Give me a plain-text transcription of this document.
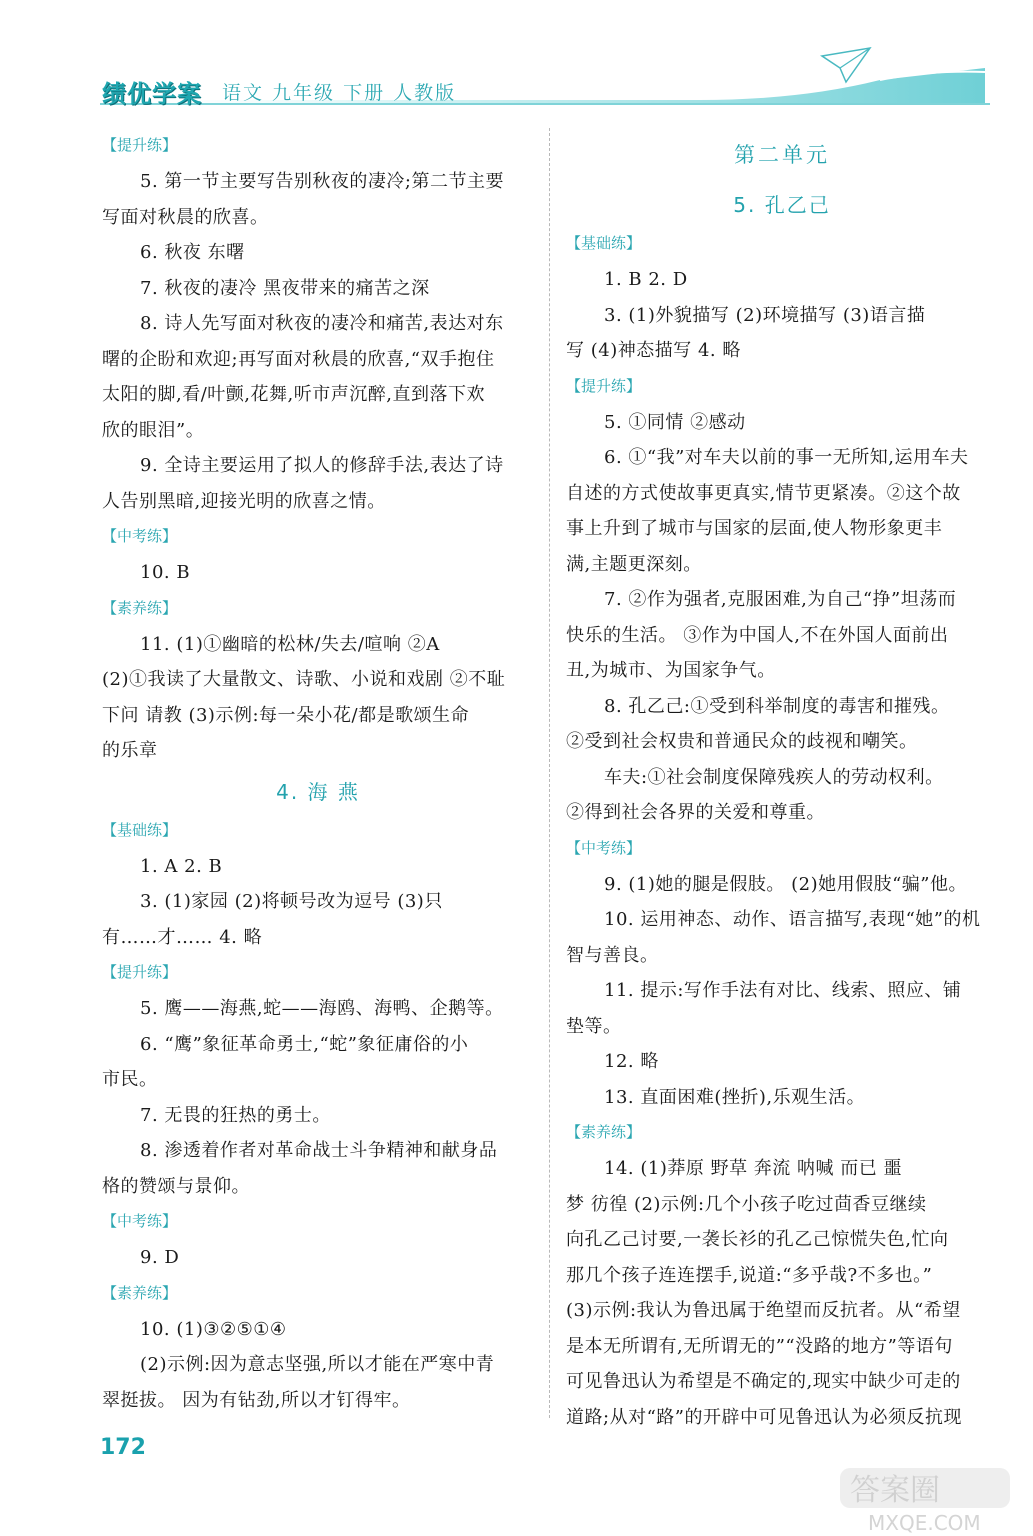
绩优学案 语文 九年级 下册 人教版
【提升练】
5. 第一节主要写告别秋夜的凄冷;第二节主要
写面对秋晨的欣喜。
6. 秋夜 东曙
7. 秋夜的凄冷 黑夜带来的痛苦之深
8. 诗人先写面对秋夜的凄冷和痛苦,表达对东
曙的企盼和欢迎;再写面对秋晨的欣喜,“双手抱住
太阳的脚,看/叶颤,花舞,听市声沉醉,直到落下欢
欣的眼泪”。
9. 全诗主要运用了拟人的修辞手法,表达了诗
人告别黑暗,迎接光明的欣喜之情。
【中考练】
10. B
【素养练】
11. (1)①幽暗的松林/失去/喧响 ②A
(2)①我读了大量散文、诗歌、小说和戏剧 ②不耻
下问 请教 (3)示例:每一朵小花/都是歌颂生命
的乐章
4. 海 燕
【基础练】
1. A 2. B
3. (1)家园 (2)将顿号改为逗号 (3)只
有……才…… 4. 略
【提升练】
5. 鹰——海燕,蛇——海鸥、海鸭、企鹅等。
6. “鹰”象征革命勇士,“蛇”象征庸俗的小
市民。
7. 无畏的狂热的勇士。
8. 渗透着作者对革命战士斗争精神和献身品
格的赞颂与景仰。
【中考练】
9. D
【素养练】
10. (1)③②⑤①④
(2)示例:因为意志坚强,所以才能在严寒中青
翠挺拔。 因为有钻劲,所以才钉得牢。
第二单元
5. 孔乙己
【基础练】
1. B 2. D
3. (1)外貌描写 (2)环境描写 (3)语言描
写 (4)神态描写 4. 略
【提升练】
5. ①同情 ②感动
6. ①“我”对车夫以前的事一无所知,运用车夫
自述的方式使故事更真实,情节更紧凑。②这个故
事上升到了城市与国家的层面,使人物形象更丰
满,主题更深刻。
7. ②作为强者,克服困难,为自己“挣”坦荡而
快乐的生活。 ③作为中国人,不在外国人面前出
丑,为城市、为国家争气。
8. 孔乙己:①受到科举制度的毒害和摧残。
②受到社会权贵和普通民众的歧视和嘲笑。
车夫:①社会制度保障残疾人的劳动权利。
②得到社会各界的关爱和尊重。
【中考练】
9. (1)她的腿是假肢。 (2)她用假肢“骗”他。
10. 运用神态、动作、语言描写,表现“她”的机
智与善良。
11. 提示:写作手法有对比、线索、照应、铺
垫等。
12. 略
13. 直面困难(挫折),乐观生活。
【素养练】
14. (1)莽原 野草 奔流 呐喊 而已 噩
梦 彷徨 (2)示例:几个小孩子吃过茴香豆继续
向孔乙己讨要,一袭长衫的孔乙己惊慌失色,忙向
那几个孩子连连摆手,说道:“多乎哉?不多也。”
(3)示例:我认为鲁迅属于绝望而反抗者。从“希望
是本无所谓有,无所谓无的”“没路的地方”等语句
可见鲁迅认为希望是不确定的,现实中缺少可走的
道路;从对“路”的开辟中可见鲁迅认为必须反抗现
172
答案圈
MXQE.COM
